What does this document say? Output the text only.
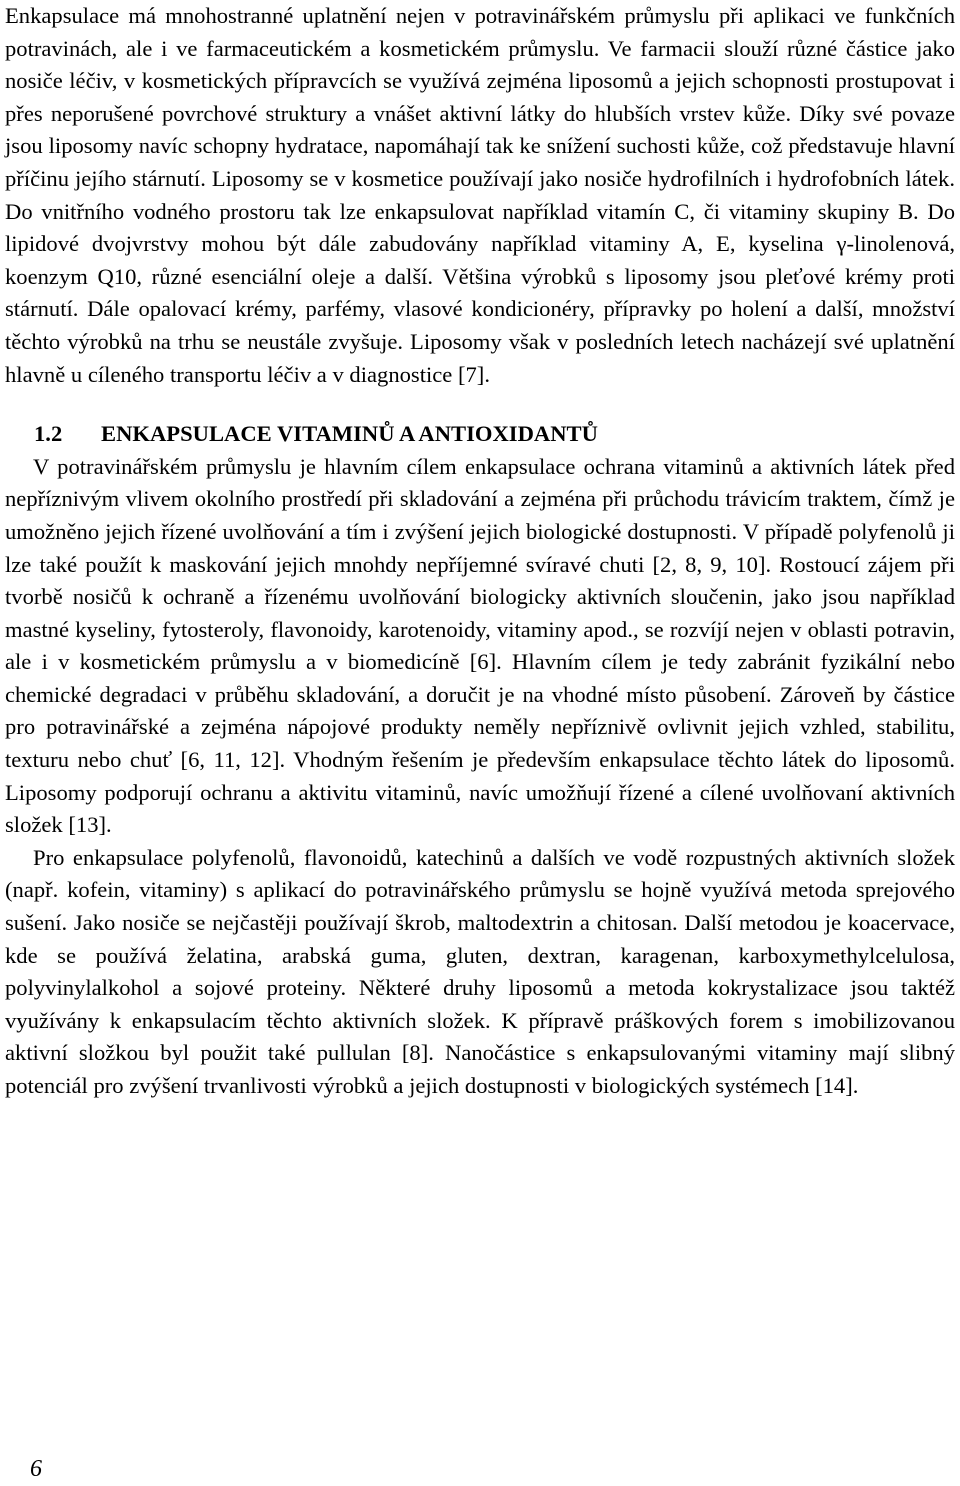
Enkapsulace má mnohostranné uplatnění nejen v potravinářském průmyslu při aplikaci ve funkčních potravinách, ale i ve farmaceutickém a kosmetickém průmyslu. Ve farmacii slouží různé částice jako nosiče léčiv, v kosmetických přípravcích se využívá zejména liposomů a jejich schopnosti prostupovat i přes neporušené povrchové struktury a vnášet aktivní látky do hlubších vrstev kůže. Díky své povaze jsou liposomy navíc schopny hydratace, napomáhají tak ke snížení suchosti kůže, což představuje hlavní příčinu jejího stárnutí. Liposomy se v kosmetice používají jako nosiče hydrofilních i hydrofobních látek. Do vnitřního vodného prostoru tak lze enkapsulovat například vitamín C, či vitaminy skupiny B. Do lipidové dvojvrstvy mohou být dále zabudovány například vitaminy A, E, kyselina γ-linolenová, koenzym Q10, různé esenciální oleje a další. Většina výrobků s liposomy jsou pleťové krémy proti stárnutí. Dále opalovací krémy, parfémy, vlasové kondicionéry, přípravky po holení a další, množství těchto výrobků na trhu se neustále zvyšuje. Liposomy však v posledních letech nacházejí své uplatnění hlavně u cíleného transportu léčiv a v diagnostice [7].

1.2 ENKAPSULACE VITAMINŮ A ANTIOXIDANTŮ

V potravinářském průmyslu je hlavním cílem enkapsulace ochrana vitaminů a aktivních látek před nepříznivým vlivem okolního prostředí při skladování a zejména při průchodu trávicím traktem, čímž je umožněno jejich řízené uvolňování a tím i zvýšení jejich biologické dostupnosti. V případě polyfenolů ji lze také použít k maskování jejich mnohdy nepříjemné svíravé chuti [2, 8, 9, 10]. Rostoucí zájem při tvorbě nosičů k ochraně a řízenému uvolňování biologicky aktivních sloučenin, jako jsou například mastné kyseliny, fytosteroly, flavonoidy, karotenoidy, vitaminy apod., se rozvíjí nejen v oblasti potravin, ale i v kosmetickém průmyslu a v biomedicíně [6]. Hlavním cílem je tedy zabránit fyzikální nebo chemické degradaci v průběhu skladování, a doručit je na vhodné místo působení. Zároveň by částice pro potravinářské a zejména nápojové produkty neměly nepříznivě ovlivnit jejich vzhled, stabilitu, texturu nebo chuť [6, 11, 12]. Vhodným řešením je především enkapsulace těchto látek do liposomů. Liposomy podporují ochranu a aktivitu vitaminů, navíc umožňují řízené a cílené uvolňovaní aktivních složek [13].

Pro enkapsulace polyfenolů, flavonoidů, katechinů a dalších ve vodě rozpustných aktivních složek (např. kofein, vitaminy) s aplikací do potravinářského průmyslu se hojně využívá metoda sprejového sušení. Jako nosiče se nejčastěji používají škrob, maltodextrin a chitosan. Další metodou je koacervace, kde se používá želatina, arabská guma, gluten, dextran, karagenan, karboxymethylcelulosa, polyvinylalkohol a sojové proteiny. Některé druhy liposomů a metoda kokrystalizace jsou taktéž využívány k enkapsulacím těchto aktivních složek. K přípravě práškových forem s imobilizovanou aktivní složkou byl použit také pullulan [8]. Nanočástice s enkapsulovanými vitaminy mají slibný potenciál pro zvýšení trvanlivosti výrobků a jejich dostupnosti v biologických systémech [14].

6
